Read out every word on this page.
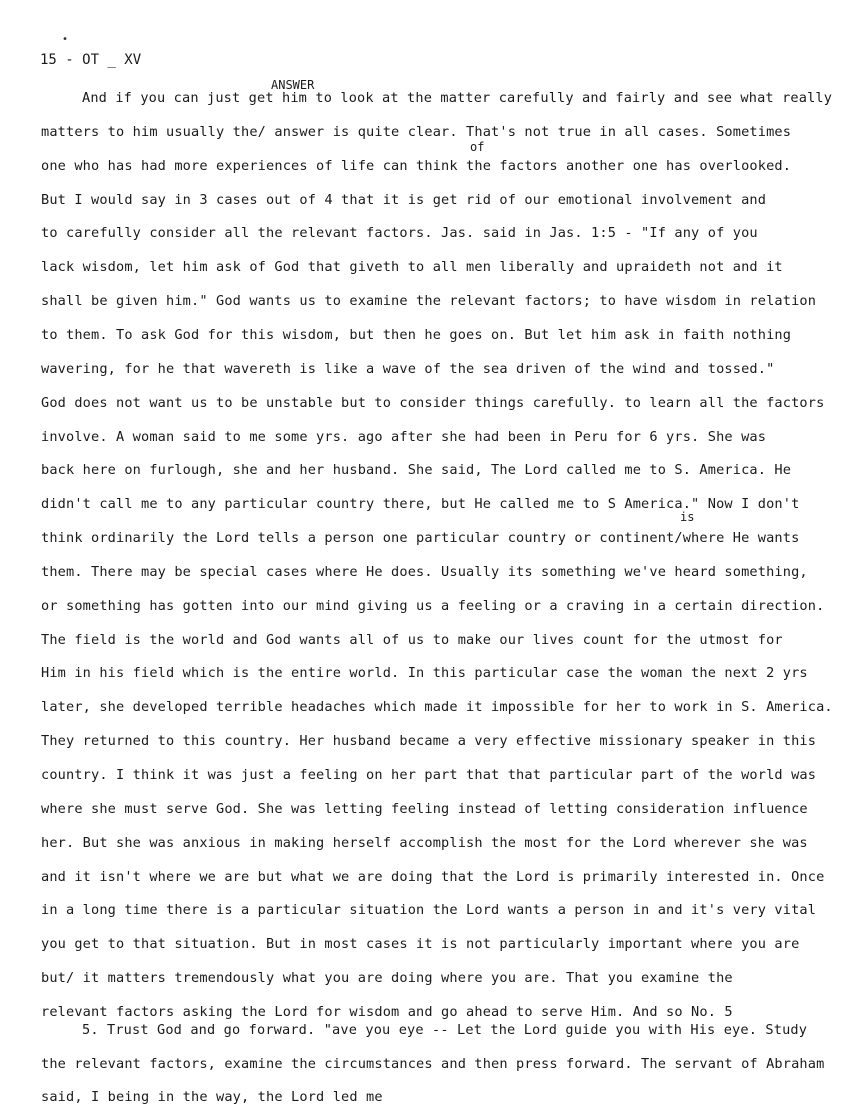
•
15 - OT _ XV
ANSWER
of
is
And if you can just get him to look at the matter carefully and fairly and see what really
matters to him usually the/ answer is quite clear. That's not true in all cases. Sometimes
one who has had more experiences of life can think the factors another one has overlooked.
But I would say in 3 cases out of 4 that it is get rid of our emotional involvement and
to carefully consider all the relevant factors. Jas. said in Jas. 1:5 - "If any of you
lack wisdom, let him ask of God that giveth to all men liberally and upraideth not and it
shall be given him." God wants us to examine the relevant factors; to have wisdom in relation
to them. To ask God for this wisdom, but then he goes on. But let him ask in faith nothing
wavering, for he that wavereth is like a wave of the sea driven of the wind and tossed."
God does not want us to be unstable but to consider things carefully. to learn all the factors
involve. A woman said to me some yrs. ago after she had been in Peru for 6 yrs. She was
back here on furlough, she and her husband. She said, The Lord called me to S. America. He
didn't call me to any particular country there, but He called me to S America." Now I don't
think ordinarily the Lord tells a person one particular country or continent/where He wants
them. There may be special cases where He does. Usually its something we've heard something,
or something has gotten into our mind giving us a feeling or a craving in a certain direction.
The field is the world and God wants all of us to make our lives count for the utmost for
Him in his field which is the entire world. In this particular case the woman the next 2 yrs
later, she developed terrible headaches which made it impossible for her to work in S. America.
They returned to this country. Her husband became a very effective missionary speaker in this
country. I think it was just a feeling on her part that that particular part of the world was
where she must serve God. She was letting feeling instead of letting consideration influence
her. But she was anxious in making herself accomplish the most for the Lord wherever she was
and it isn't where we are but what we are doing that the Lord is primarily interested in. Once
in a long time there is a particular situation the Lord wants a person in and it's very vital
you get to that situation. But in most cases it is not particularly important where you are
but/ it matters tremendously what you are doing where you are. That you examine the
relevant factors asking the Lord for wisdom and go ahead to serve Him. And so No. 5
5. Trust God and go forward. "ave you eye -- Let the Lord guide you with His eye. Study
the relevant factors, examine the circumstances and then press forward. The servant of Abraham
said, I being in the way, the Lord led me
